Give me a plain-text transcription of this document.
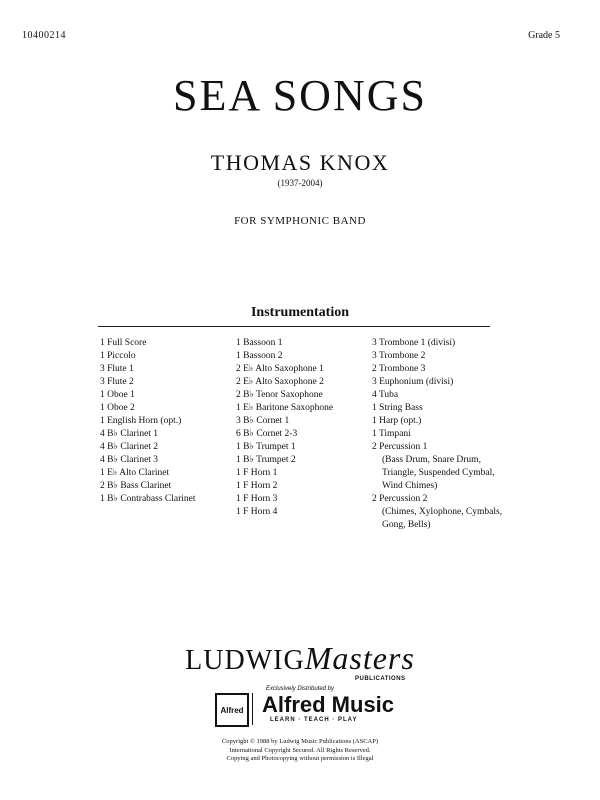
10400214	Grade 5
SEA SONGS
THOMAS KNOX
(1937-2004)
FOR SYMPHONIC BAND
Instrumentation
1 Full Score
1 Piccolo
3 Flute 1
3 Flute 2
1 Oboe 1
1 Oboe 2
1 English Horn (opt.)
4 B♭ Clarinet 1
4 B♭ Clarinet 2
4 B♭ Clarinet 3
1 E♭ Alto Clarinet
2 B♭ Bass Clarinet
1 B♭ Contrabass Clarinet
1 Bassoon 1
1 Bassoon 2
2 E♭ Alto Saxophone 1
2 E♭ Alto Saxophone 2
2 B♭ Tenor Saxophone
1 E♭ Baritone Saxophone
3 B♭ Cornet 1
6 B♭ Cornet 2-3
1 B♭ Trumpet 1
1 B♭ Trumpet 2
1 F Horn 1
1 F Horn 2
1 F Horn 3
1 F Horn 4
3 Trombone 1 (divisi)
3 Trombone 2
2 Trombone 3
3 Euphonium (divisi)
4 Tuba
1 String Bass
1 Harp (opt.)
1 Timpani
2 Percussion 1
(Bass Drum, Snare Drum,
Triangle, Suspended Cymbal,
Wind Chimes)
2 Percussion 2
(Chimes, Xylophone, Cymbals,
Gong, Bells)
LUDWIGMasters
PUBLICATIONS
Exclusively Distributed by
Alfred Alfred Music
LEARN · TEACH · PLAY
Copyright © 1988 by Ludwig Music Publications (ASCAP)
International Copyright Secured. All Rights Reserved.
Copying and Photocopying without permission is Illegal
